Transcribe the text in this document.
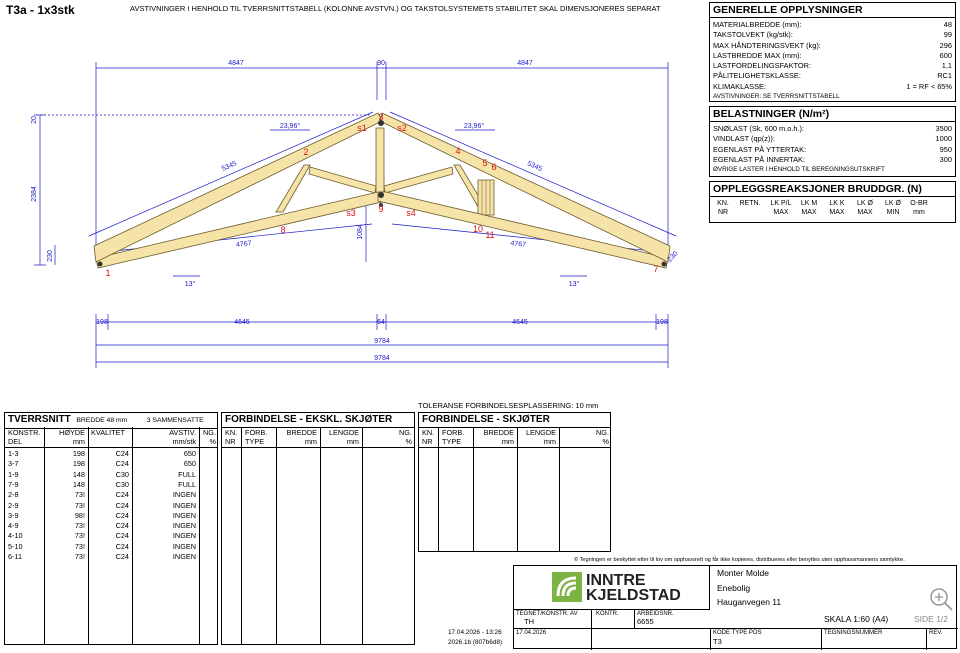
T3a - 1x3stk	AVSTIVNINGER I HENHOLD TIL TVERRSNITTSTABELL (KOLONNE AVSTVN.) OG TAKSTOLSYSTEMETS STABILITET SKAL DIMENSJONERES SEPARAT
4847	90	4847
5345	5345
4767	4767
2384
230	230
20
1084
23,96°	23,96°
13°	13°
198	4645	64	4645	198
9784
9784
1
2
3
4
5 6
7
8
9
10
11
s1	s2
s3	s4
GENERELLE OPPLYSNINGER
MATERIALBREDDE (mm):	48
TAKSTOLVEKT (kg/stk):	99
MAX HÅNDTERINGSVEKT (kg):	296
LASTBREDDE MAX (mm):	600
LASTFORDELINGSFAKTOR:	1,1
PÅLITELIGHETSKLASSE:	RC1
KLIMAKLASSE:	1 = RF < 65%
AVSTIVNINGER: SE TVERRSNITTSTABELL
BELASTNINGER (N/m²)
SNØLAST (Sk, 600 m.o.h.):	3500
VINDLAST (qp(z)):	1000
EGENLAST PÅ YTTERTAK:	950
EGENLAST PÅ INNERTAK:	300
ØVRIGE LASTER I HENHOLD TIL BEREGNINGSUTSKRIFT
OPPLEGGSREAKSJONER BRUDDGR. (N)
KN.	RETN.	LK P/L	LK M	LK K	LK Ø	LK Ø	O-BR
NR	MAX	MAX	MAX	MAX	MIN	mm
TVERRSNITT BREDDE 48 mm	3 SAMMENSATTE
KONSTR.
DEL
HØYDE
mm
KVALITET	AVSTIV.
mm/stk
NG.
%
1-3	198	C24	650
3-7	198	C24	650
1-9	148	C30	FULL
7-9	148	C30	FULL
2-8	73!	C24	INGEN
2-9	73!	C24	INGEN
3-9	98!	C24	INGEN
4-9	73!	C24	INGEN
4-10	73!	C24	INGEN
5-10	73!	C24	INGEN
6-11	73!	C24	INGEN
FORBINDELSE - EKSKL. SKJØTER
KN.
NR
FORB.
TYPE
BREDDE
mm
LENGDE
mm
NG.
%
TOLERANSE FORBINDELSESPLASSERING: 10 mm
FORBINDELSE - SKJØTER
KN.
NR
FORB.
TYPE
BREDDE
mm
LENGDE
mm
NG.
%
© Tegningen er beskyttet etter til lov om opphavsrett og får ikke kopieres, distribueres eller benyttes uten opphavsmannens samtykke.
INNTRE
KJELDSTAD
Monter Molde
Enebolig
Hauganvegen 11
SKALA 1:60 (A4)	SIDE 1/2
TEGNET/KONSTR. AV
TH
KONTR.	ARBEIDSNR.
6655
17.04.2026	KODE TYPE POS
T3
TEGNINGSNUMMER	REV.
17.04.2026 - 13:26
2026.1b (807b6d8)
